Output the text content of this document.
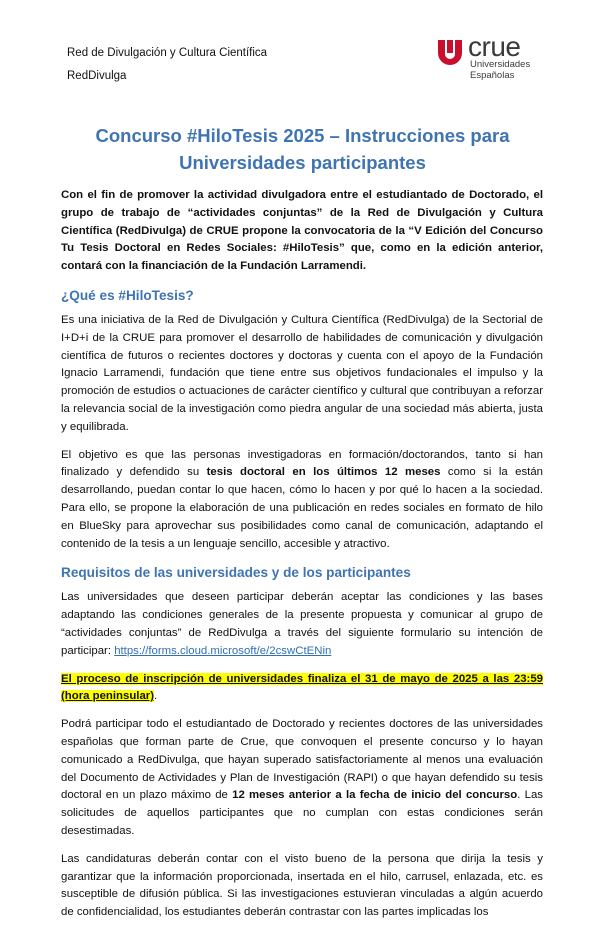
Red de Divulgación y Cultura Científica
RedDivulga
crue
Universidades
Españolas
Concurso #HiloTesis 2025 – Instrucciones para
Universidades participantes

Con el fin de promover la actividad divulgadora entre el estudiantado de Doctorado, el grupo de trabajo de “actividades conjuntas” de la Red de Divulgación y Cultura Científica (RedDivulga) de CRUE propone la convocatoria de la “V Edición del Concurso Tu Tesis Doctoral en Redes Sociales: #HiloTesis” que, como en la edición anterior, contará con la financiación de la Fundación Larramendi.

¿Qué es #HiloTesis?

Es una iniciativa de la Red de Divulgación y Cultura Científica (RedDivulga) de la Sectorial de I+D+i de la CRUE para promover el desarrollo de habilidades de comunicación y divulgación científica de futuros o recientes doctores y doctoras y cuenta con el apoyo de la Fundación Ignacio Larramendi, fundación que tiene entre sus objetivos fundacionales el impulso y la promoción de estudios o actuaciones de carácter científico y cultural que contribuyan a reforzar la relevancia social de la investigación como piedra angular de una sociedad más abierta, justa y equilibrada.

El objetivo es que las personas investigadoras en formación/doctorandos, tanto si han finalizado y defendido su tesis doctoral en los últimos 12 meses como si la están desarrollando, puedan contar lo que hacen, cómo lo hacen y por qué lo hacen a la sociedad. Para ello, se propone la elaboración de una publicación en redes sociales en formato de hilo en BlueSky para aprovechar sus posibilidades como canal de comunicación, adaptando el contenido de la tesis a un lenguaje sencillo, accesible y atractivo.

Requisitos de las universidades y de los participantes

Las universidades que deseen participar deberán aceptar las condiciones y las bases adaptando las condiciones generales de la presente propuesta y comunicar al grupo de “actividades conjuntas” de RedDivulga a través del siguiente formulario su intención de participar: https://forms.cloud.microsoft/e/2cswCtENin

El proceso de inscripción de universidades finaliza el 31 de mayo de 2025 a las 23:59 (hora peninsular).

Podrá participar todo el estudiantado de Doctorado y recientes doctores de las universidades españolas que forman parte de Crue, que convoquen el presente concurso y lo hayan comunicado a RedDivulga, que hayan superado satisfactoriamente al menos una evaluación del Documento de Actividades y Plan de Investigación (RAPI) o que hayan defendido su tesis doctoral en un plazo máximo de 12 meses anterior a la fecha de inicio del concurso. Las solicitudes de aquellos participantes que no cumplan con estas condiciones serán desestimadas.

Las candidaturas deberán contar con el visto bueno de la persona que dirija la tesis y garantizar que la información proporcionada, insertada en el hilo, carrusel, enlazada, etc. es susceptible de difusión pública. Si las investigaciones estuvieran vinculadas a algún acuerdo de confidencialidad, los estudiantes deberán contrastar con las partes implicadas los
